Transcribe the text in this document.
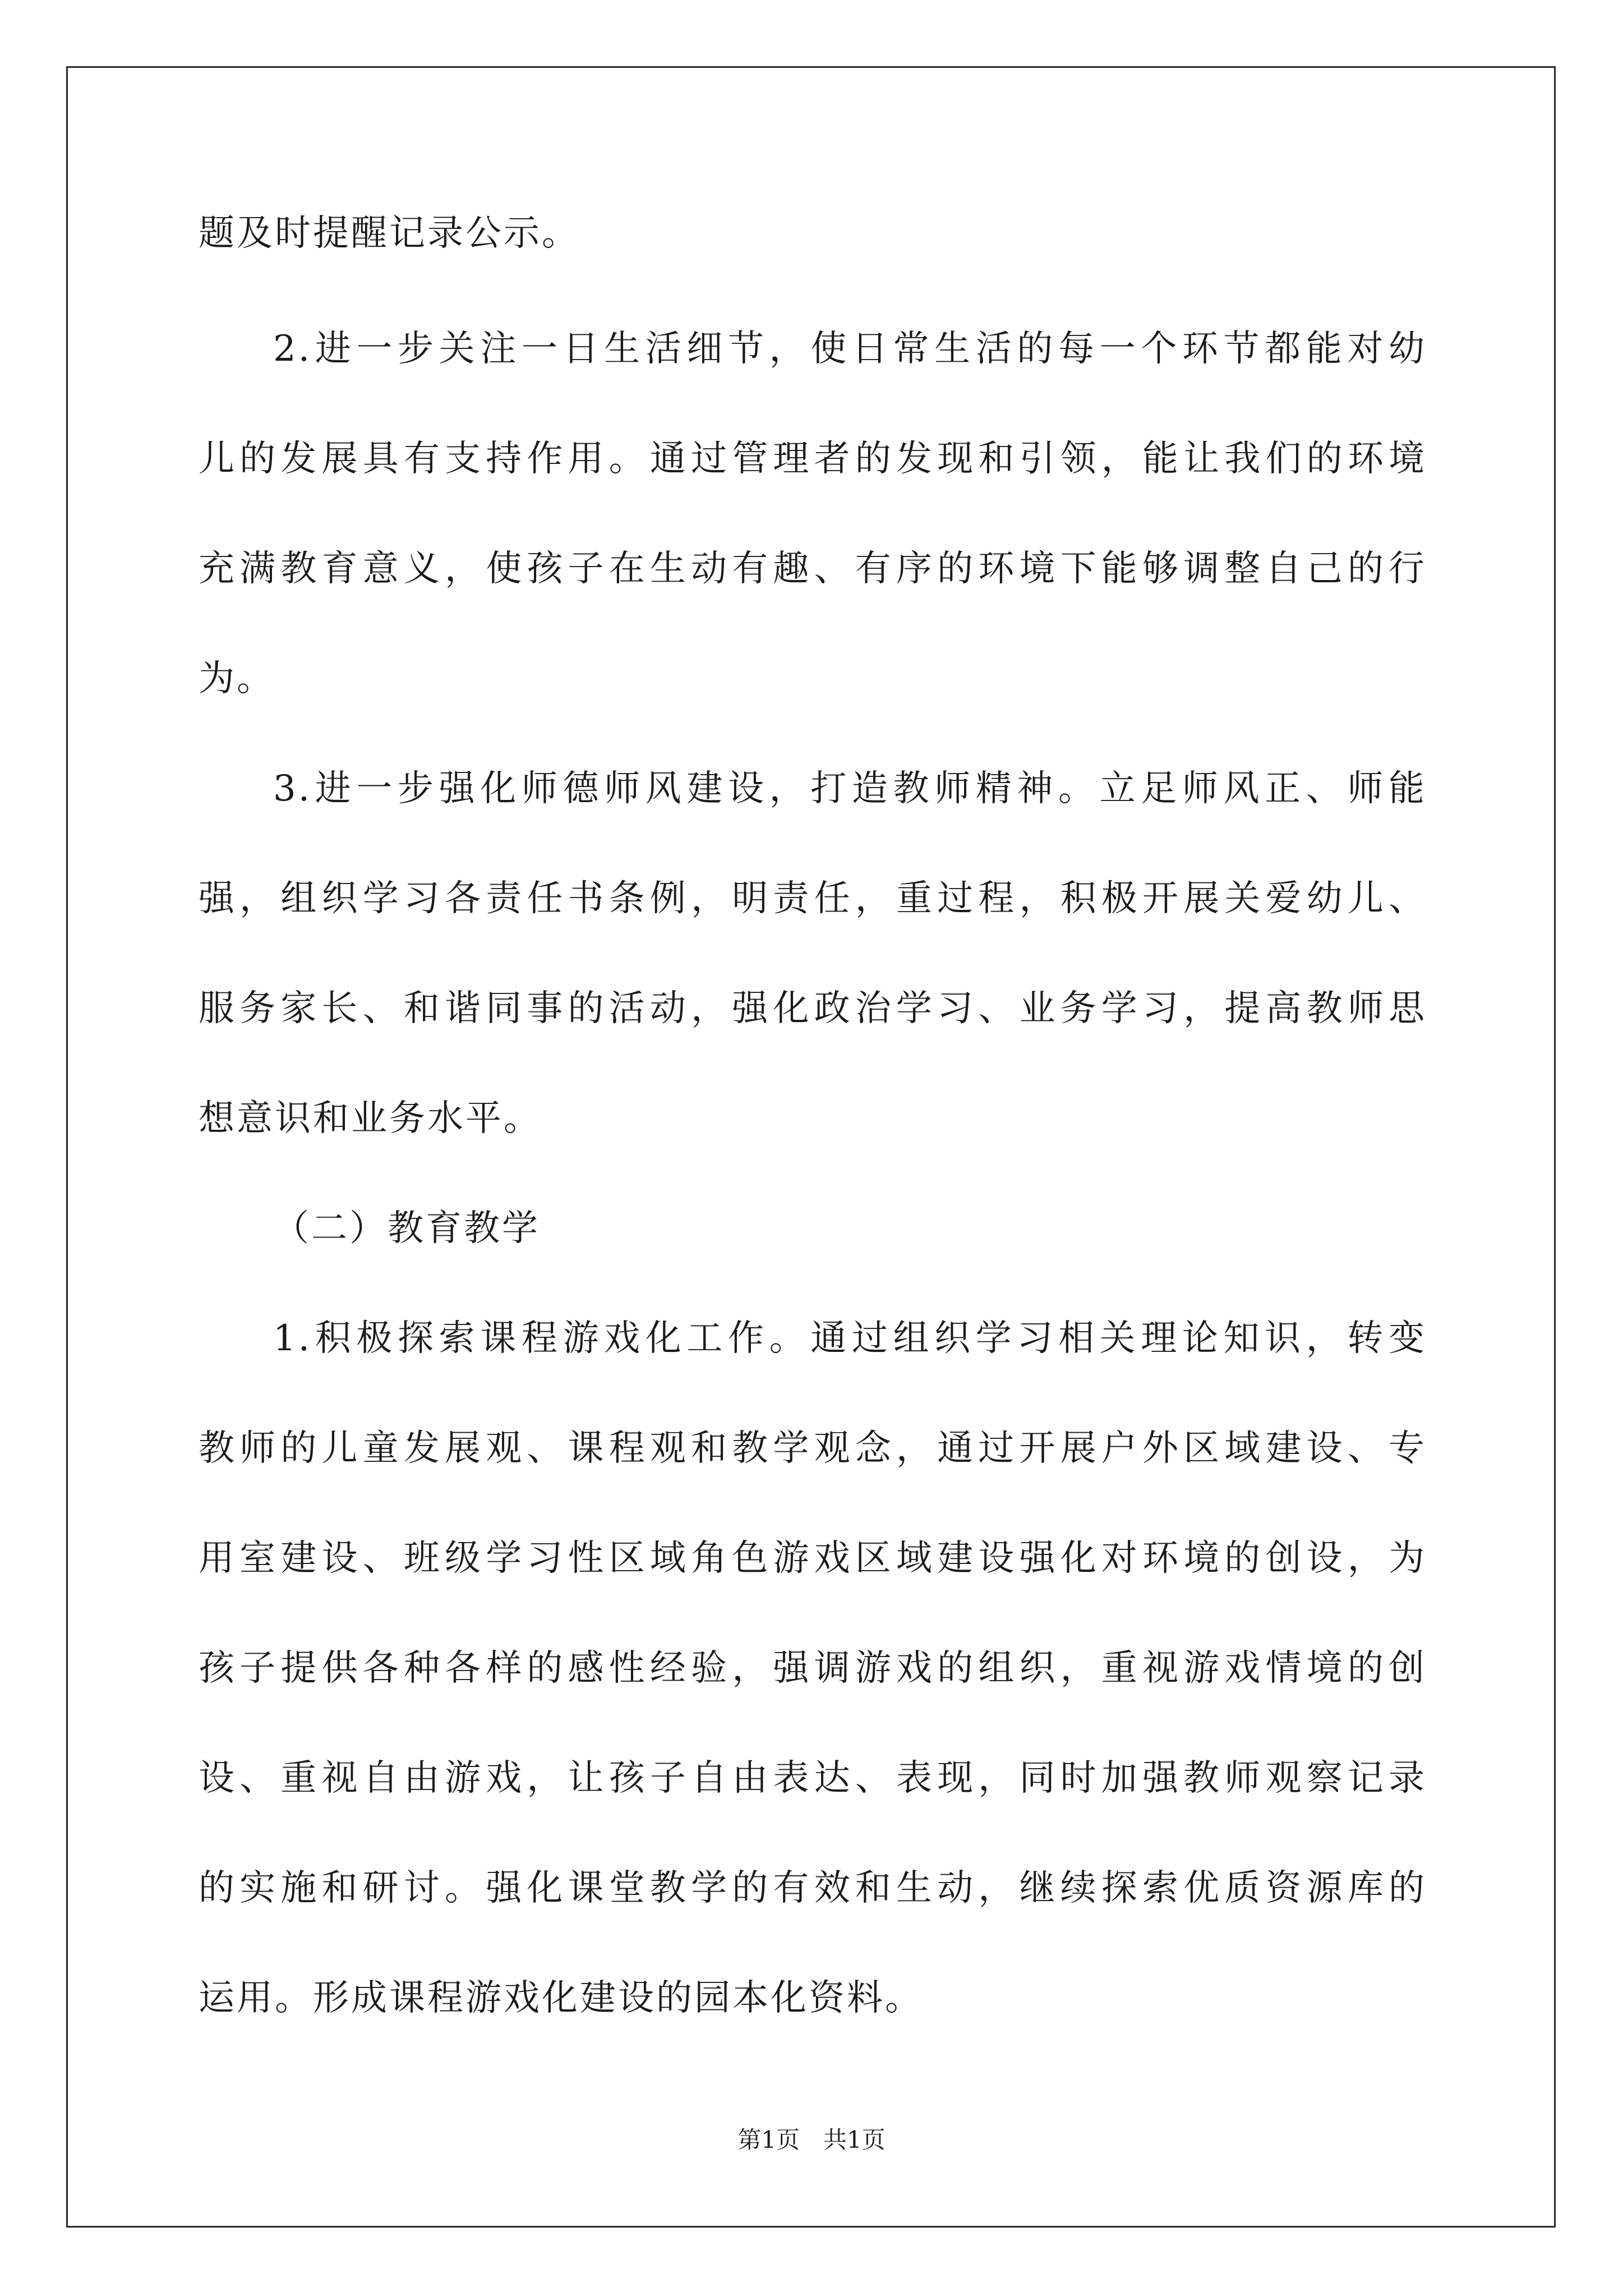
题及时提醒记录公示。
2.进一步关注一日生活细节，使日常生活的每一个环节都能对幼
儿的发展具有支持作用。通过管理者的发现和引领，能让我们的环境
充满教育意义，使孩子在生动有趣、有序的环境下能够调整自己的行
为。
3.进一步强化师德师风建设，打造教师精神。立足师风正、师能
强，组织学习各责任书条例，明责任，重过程，积极开展关爱幼儿、
服务家长、和谐同事的活动，强化政治学习、业务学习，提高教师思
想意识和业务水平。
（二）教育教学
1.积极探索课程游戏化工作。通过组织学习相关理论知识，转变
教师的儿童发展观、课程观和教学观念，通过开展户外区域建设、专
用室建设、班级学习性区域角色游戏区域建设强化对环境的创设，为
孩子提供各种各样的感性经验，强调游戏的组织，重视游戏情境的创
设、重视自由游戏，让孩子自由表达、表现，同时加强教师观察记录
的实施和研讨。强化课堂教学的有效和生动，继续探索优质资源库的
运用。形成课程游戏化建设的园本化资料。
第1页　共1页
